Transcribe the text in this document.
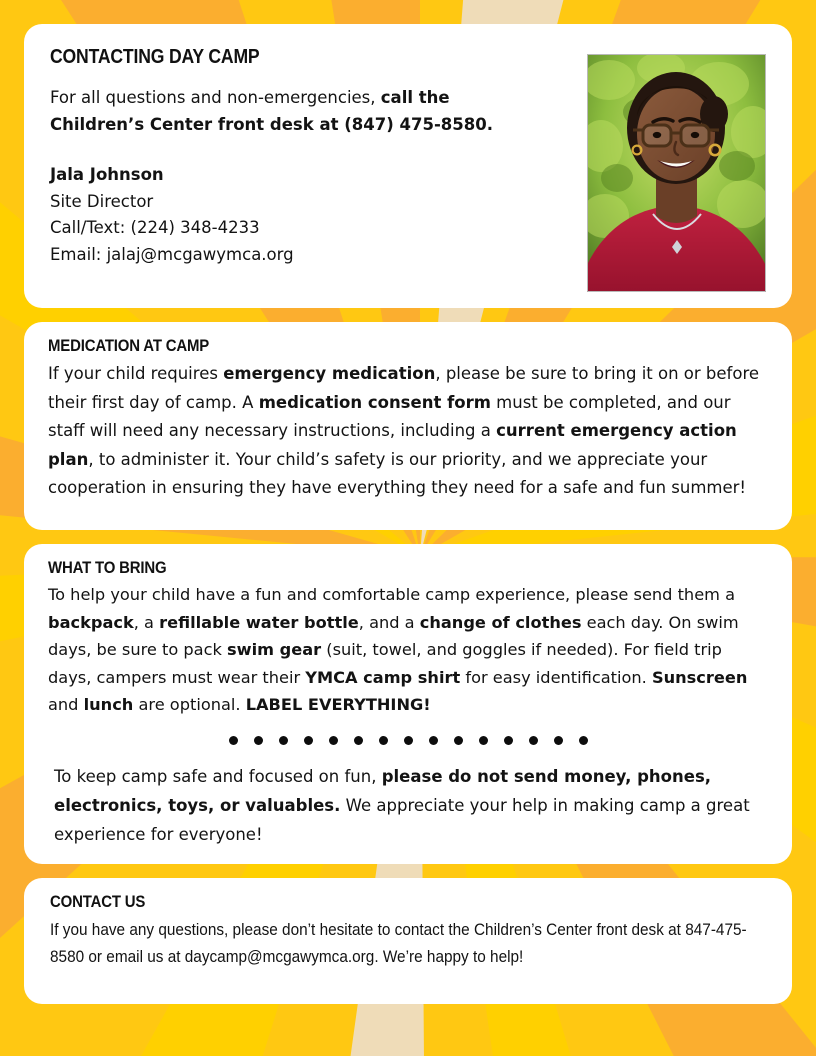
CONTACTING DAY CAMP

For all questions and non-emergencies, call the Children’s Center front desk at (847) 475-8580.

Jala Johnson
Site Director
Call/Text: (224) 348-4233
Email: jalaj@mcgawymca.org
MEDICATION AT CAMP

If your child requires emergency medication, please be sure to bring it on or before their first day of camp. A medication consent form must be completed, and our staff will need any necessary instructions, including a current emergency action plan, to administer it. Your child’s safety is our priority, and we appreciate your cooperation in ensuring they have everything they need for a safe and fun summer!

WHAT TO BRING

To help your child have a fun and comfortable camp experience, please send them a backpack, a refillable water bottle, and a change of clothes each day. On swim days, be sure to pack swim gear (suit, towel, and goggles if needed). For field trip days, campers must wear their YMCA camp shirt for easy identification. Sunscreen and lunch are optional. LABEL EVERYTHING!

To keep camp safe and focused on fun, please do not send money, phones, electronics, toys, or valuables. We appreciate your help in making camp a great experience for everyone!

CONTACT US

If you have any questions, please don’t hesitate to contact the Children’s Center front desk at 847-475-8580 or email us at daycamp@mcgawymca.org. We’re happy to help!
